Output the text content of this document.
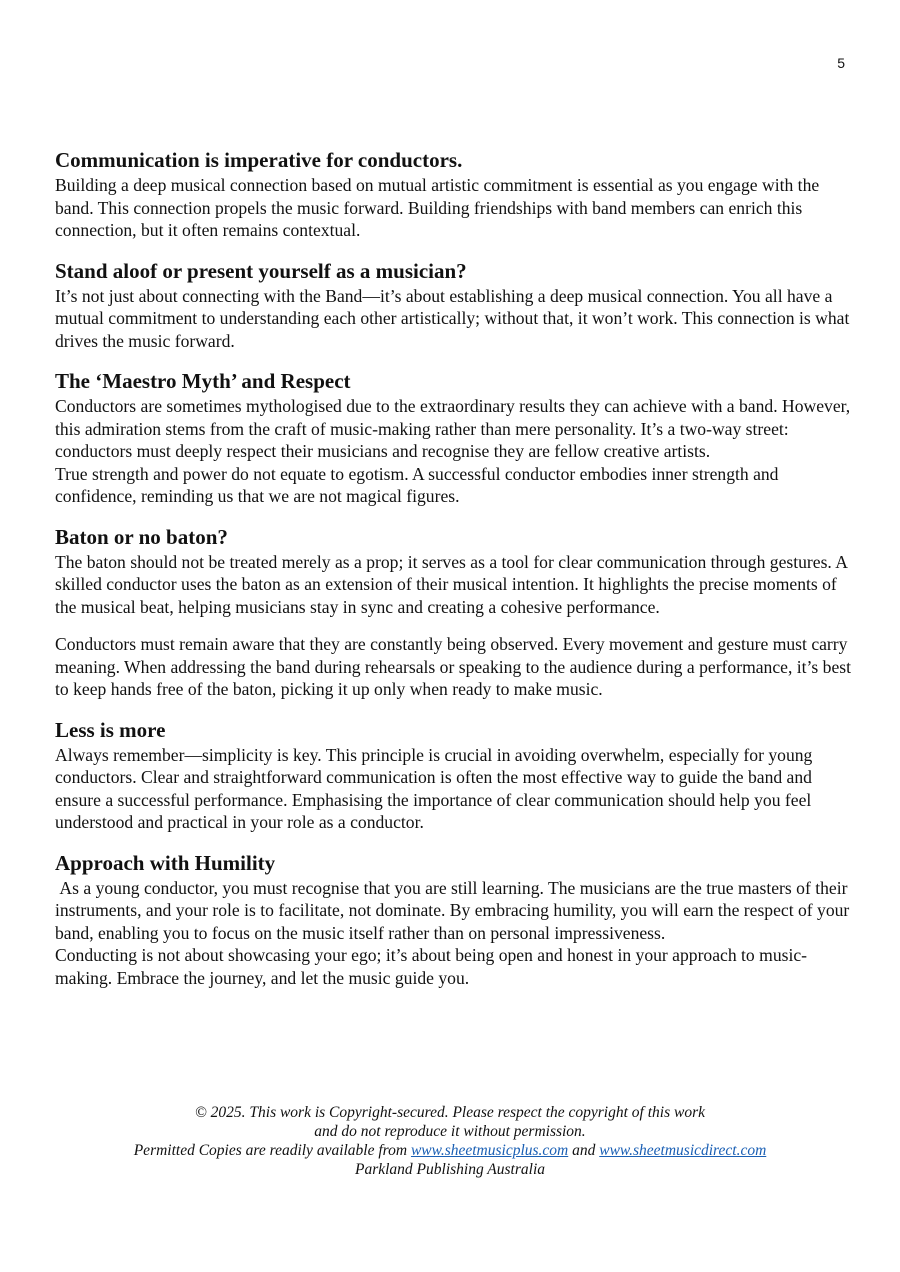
5
Communication is imperative for conductors.

Building a deep musical connection based on mutual artistic commitment is essential as you engage with the band. This connection propels the music forward. Building friendships with band members can enrich this connection, but it often remains contextual.

Stand aloof or present yourself as a musician?

It’s not just about connecting with the Band—it’s about establishing a deep musical connection. You all have a mutual commitment to understanding each other artistically; without that, it won’t work. This connection is what drives the music forward.

The ‘Maestro Myth’ and Respect

Conductors are sometimes mythologised due to the extraordinary results they can achieve with a band. However, this admiration stems from the craft of music-making rather than mere personality. It’s a two-way street: conductors must deeply respect their musicians and recognise they are fellow creative artists.

True strength and power do not equate to egotism. A successful conductor embodies inner strength and confidence, reminding us that we are not magical figures.

Baton or no baton?

The baton should not be treated merely as a prop; it serves as a tool for clear communication through gestures. A skilled conductor uses the baton as an extension of their musical intention. It highlights the precise moments of the musical beat, helping musicians stay in sync and creating a cohesive performance.

Conductors must remain aware that they are constantly being observed. Every movement and gesture must carry meaning. When addressing the band during rehearsals or speaking to the audience during a performance, it’s best to keep hands free of the baton, picking it up only when ready to make music.

Less is more

Always remember—simplicity is key. This principle is crucial in avoiding overwhelm, especially for young conductors. Clear and straightforward communication is often the most effective way to guide the band and ensure a successful performance. Emphasising the importance of clear communication should help you feel understood and practical in your role as a conductor.

Approach with Humility

As a young conductor, you must recognise that you are still learning. The musicians are the true masters of their instruments, and your role is to facilitate, not dominate. By embracing humility, you will earn the respect of your band, enabling you to focus on the music itself rather than on personal impressiveness.

Conducting is not about showcasing your ego; it’s about being open and honest in your approach to music-making. Embrace the journey, and let the music guide you.

© 2025. This work is Copyright-secured. Please respect the copyright of this work
and do not reproduce it without permission.
Permitted Copies are readily available from www.sheetmusicplus.com and www.sheetmusicdirect.com
Parkland Publishing Australia
